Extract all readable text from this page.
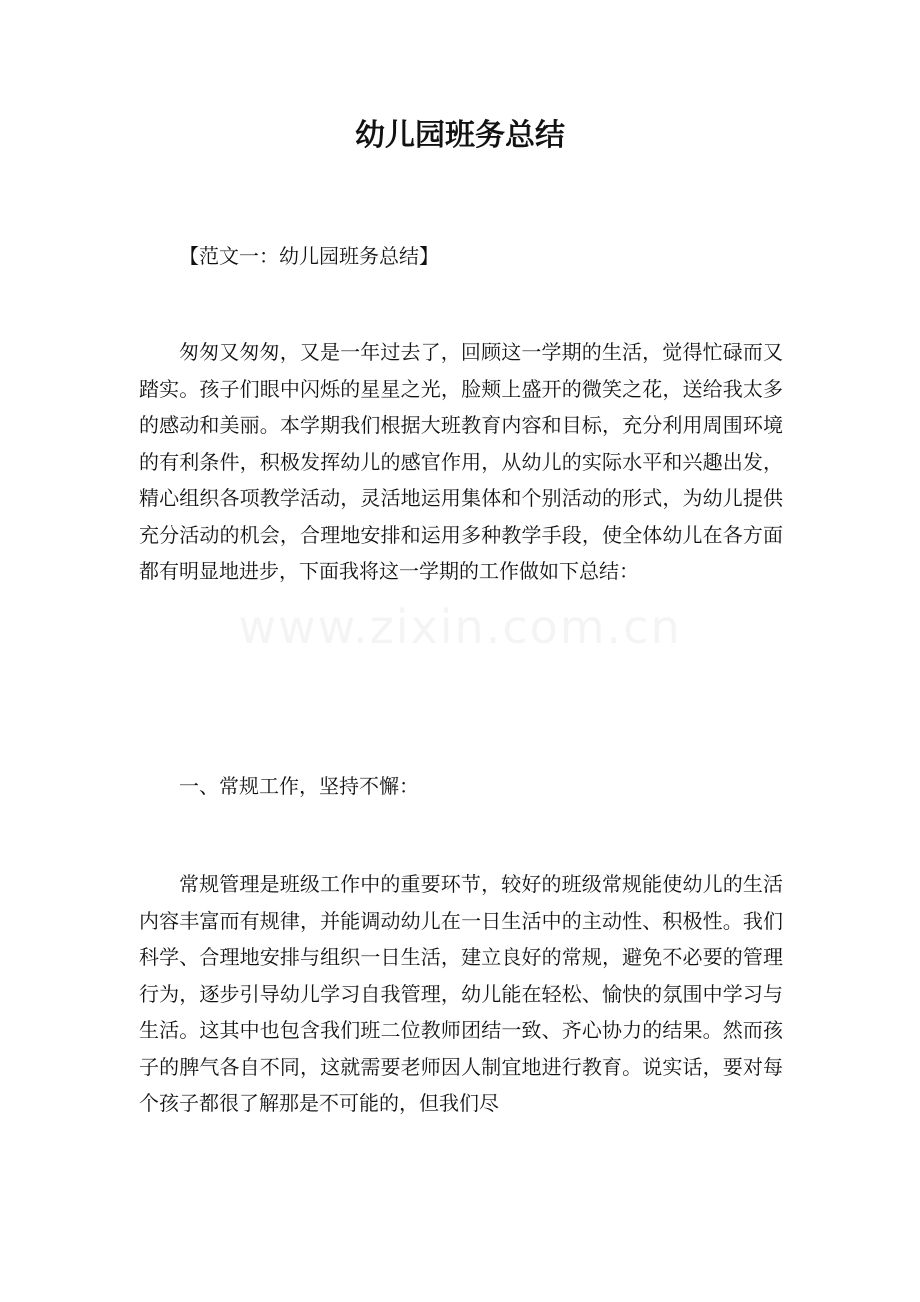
幼儿园班务总结

【范文一：幼儿园班务总结】

匆匆又匆匆，又是一年过去了，回顾这一学期的生活，觉得忙碌而又踏实。孩子们眼中闪烁的星星之光，脸颊上盛开的微笑之花，送给我太多的感动和美丽。本学期我们根据大班教育内容和目标，充分利用周围环境的有利条件，积极发挥幼儿的感官作用，从幼儿的实际水平和兴趣出发，精心组织各项教学活动，灵活地运用集体和个别活动的形式，为幼儿提供充分活动的机会，合理地安排和运用多种教学手段，使全体幼儿在各方面都有明显地进步，下面我将这一学期的工作做如下总结：

一、常规工作，坚持不懈：

常规管理是班级工作中的重要环节，较好的班级常规能使幼儿的生活内容丰富而有规律，并能调动幼儿在一日生活中的主动性、积极性。我们科学、合理地安排与组织一日生活，建立良好的常规，避免不必要的管理行为，逐步引导幼儿学习自我管理，幼儿能在轻松、愉快的氛围中学习与生活。这其中也包含我们班二位教师团结一致、齐心协力的结果。然而孩子的脾气各自不同，这就需要老师因人制宜地进行教育。说实话，要对每个孩子都很了解那是不可能的，但我们尽
